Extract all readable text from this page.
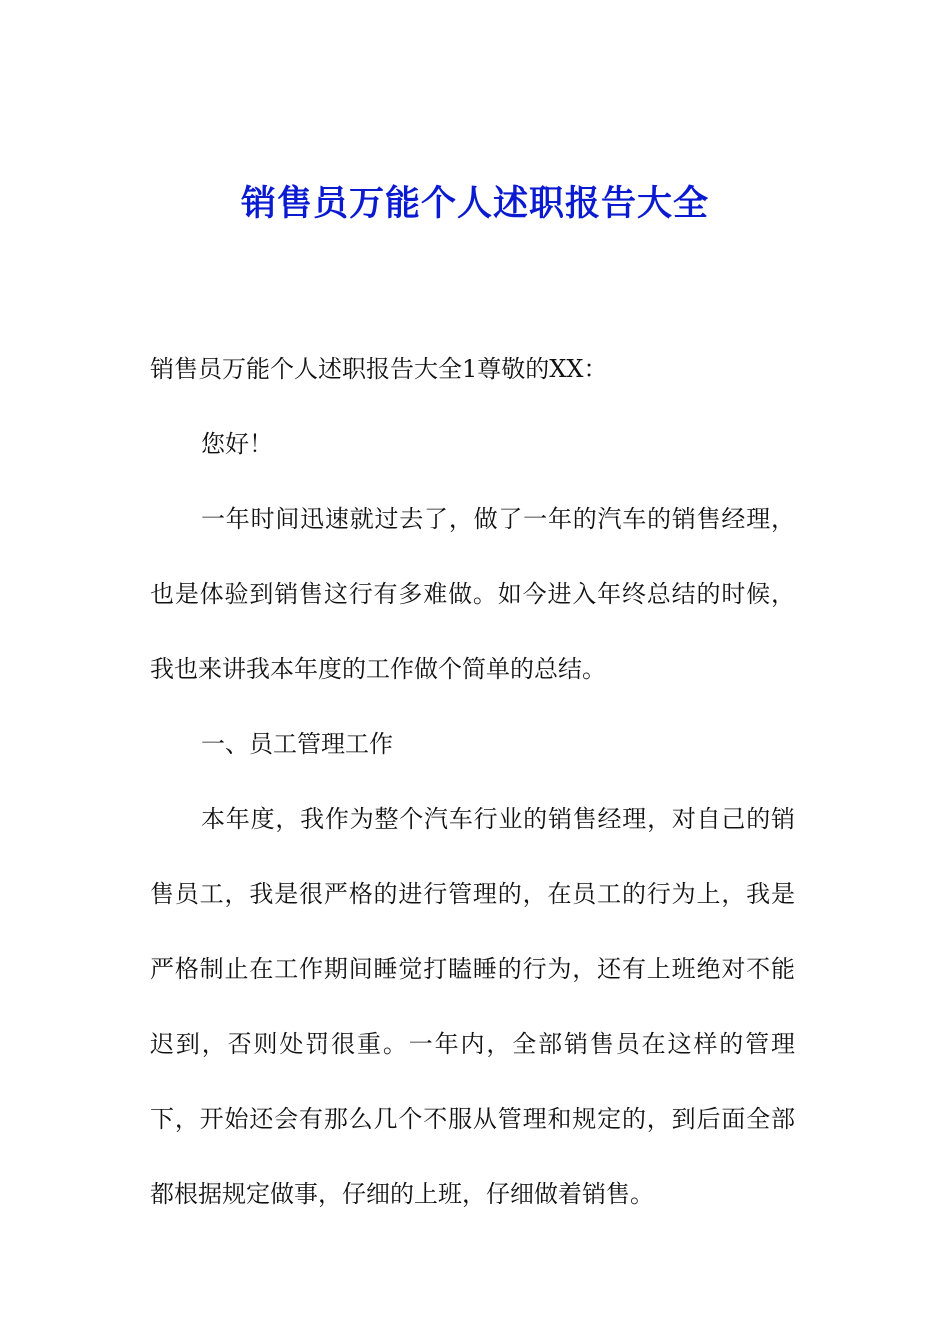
销售员万能个人述职报告大全

销售员万能个人述职报告大全1尊敬的XX：

您好！

一年时间迅速就过去了，做了一年的汽车的销售经理，也是体验到销售这行有多难做。如今进入年终总结的时候，我也来讲我本年度的工作做个简单的总结。

一、员工管理工作

本年度，我作为整个汽车行业的销售经理，对自己的销售员工，我是很严格的进行管理的，在员工的行为上，我是严格制止在工作期间睡觉打瞌睡的行为，还有上班绝对不能迟到，否则处罚很重。一年内，全部销售员在这样的管理下，开始还会有那么几个不服从管理和规定的，到后面全部都根据规定做事，仔细的上班，仔细做着销售。
